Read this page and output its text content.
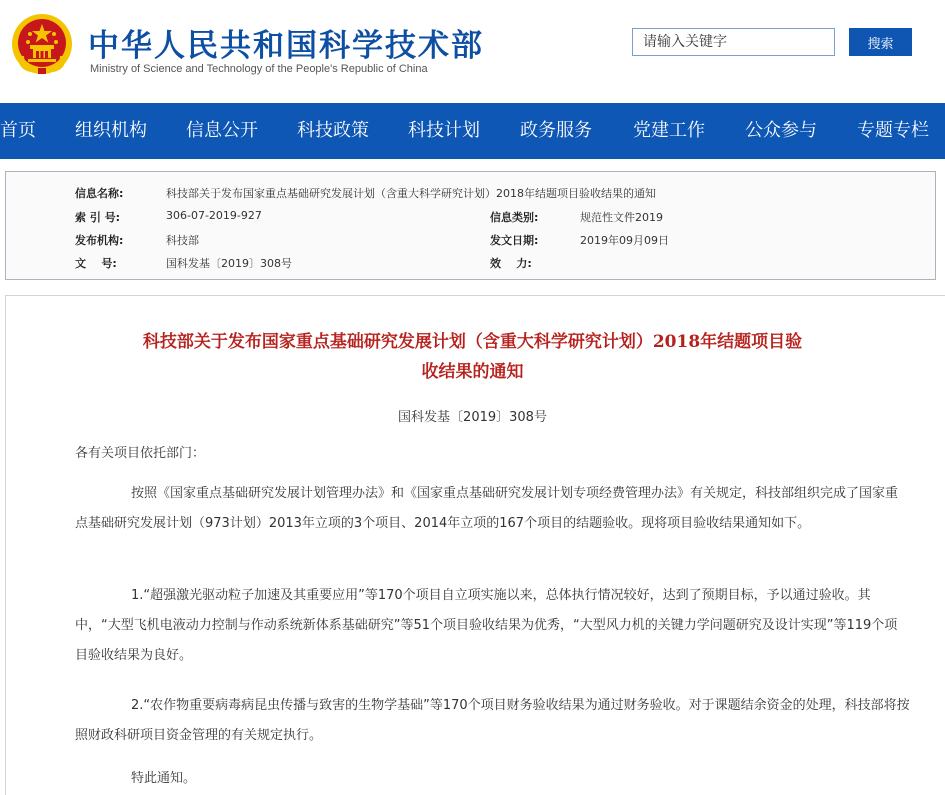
中华人民共和国科学技术部
Ministry of Science and Technology of the People's Republic of China
请输入关键字
搜索
首页 组织机构 信息公开 科技政策 科技计划 政务服务 党建工作 公众参与 专题专栏
信息名称:	科技部关于发布国家重点基础研究发展计划（含重大科学研究计划）2018年结题项目验收结果的通知
索 引 号:	306-07-2019-927	信息类别:	规范性文件2019
发布机构:	科技部	发文日期:	2019年09月09日
文    号:	国科发基〔2019〕308号	效    力:
科技部关于发布国家重点基础研究发展计划（含重大科学研究计划）2018年结题项目验
收结果的通知
国科发基〔2019〕308号
各有关项目依托部门：
按照《国家重点基础研究发展计划管理办法》和《国家重点基础研究发展计划专项经费管理办法》有关规定，科技部组织完成了国家重点基础研究发展计划（973计划）2013年立项的3个项目、2014年立项的167个项目的结题验收。现将项目验收结果通知如下。
1.“超强激光驱动粒子加速及其重要应用”等170个项目自立项实施以来，总体执行情况较好，达到了预期目标，予以通过验收。其中，“大型飞机电液动力控制与作动系统新体系基础研究”等51个项目验收结果为优秀，“大型风力机的关键力学问题研究及设计实现”等119个项目验收结果为良好。
2.“农作物重要病毒病昆虫传播与致害的生物学基础”等170个项目财务验收结果为通过财务验收。对于课题结余资金的处理，科技部将按照财政科研项目资金管理的有关规定执行。
特此通知。
